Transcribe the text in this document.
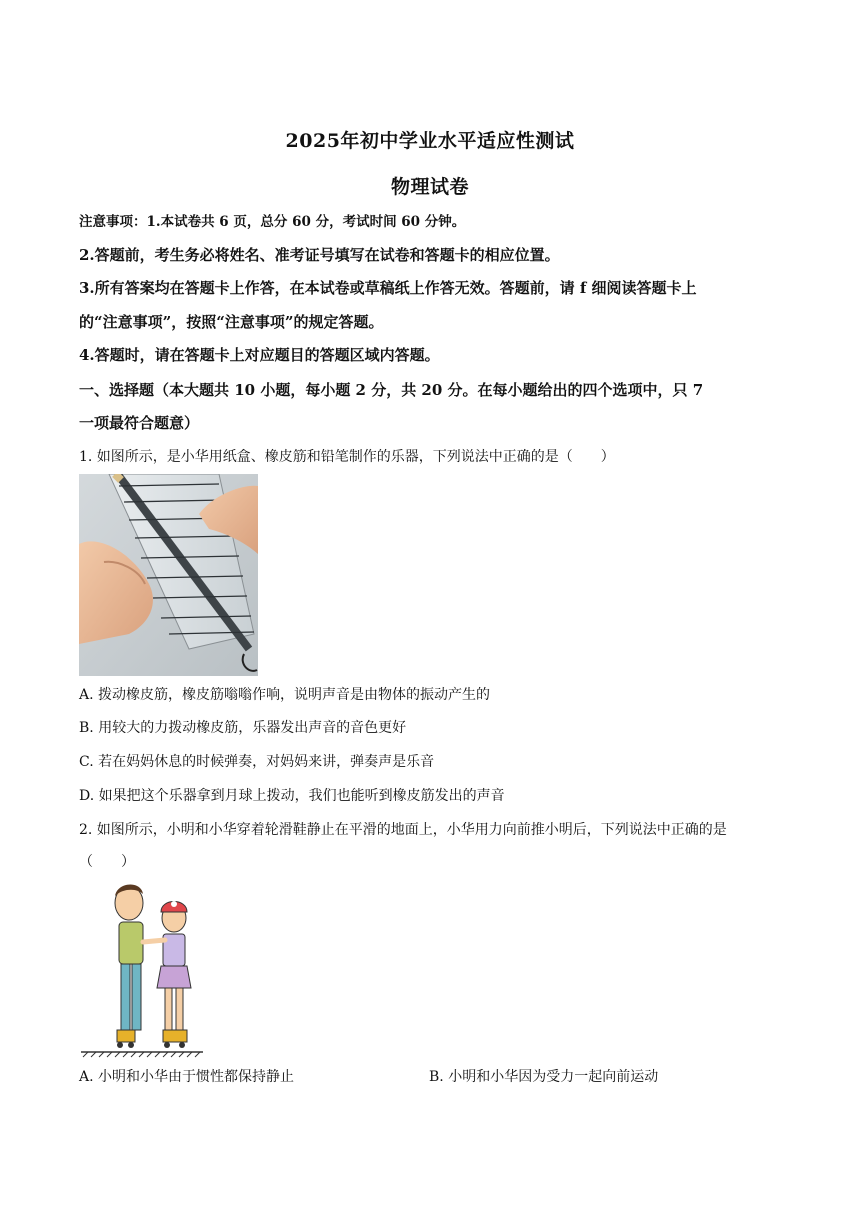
2025年初中学业水平适应性测试
物理试卷
注意事项：1.本试卷共 6 页，总分 60 分，考试时间 60 分钟。
2.答题前，考生务必将姓名、准考证号填写在试卷和答题卡的相应位置。
3.所有答案均在答题卡上作答，在本试卷或草稿纸上作答无效。答题前，请 f 细阅读答题卡上
的“注意事项”，按照“注意事项”的规定答题。
4.答题时，请在答题卡上对应题目的答题区域内答题。
一、选择题（本大题共 10 小题，每小题 2 分，共 20 分。在每小题给出的四个选项中，只 7
一项最符合题意）
1. 如图所示，是小华用纸盒、橡皮筋和铅笔制作的乐器，下列说法中正确的是（　　）
A. 拨动橡皮筋，橡皮筋嗡嗡作响，说明声音是由物体的振动产生的
B. 用较大的力拨动橡皮筋，乐器发出声音的音色更好
C. 若在妈妈休息的时候弹奏，对妈妈来讲，弹奏声是乐音
D. 如果把这个乐器拿到月球上拨动，我们也能听到橡皮筋发出的声音
2. 如图所示，小明和小华穿着轮滑鞋静止在平滑的地面上，小华用力向前推小明后，下列说法中正确的是
（　　）
A. 小明和小华由于惯性都保持静止	B. 小明和小华因为受力一起向前运动
